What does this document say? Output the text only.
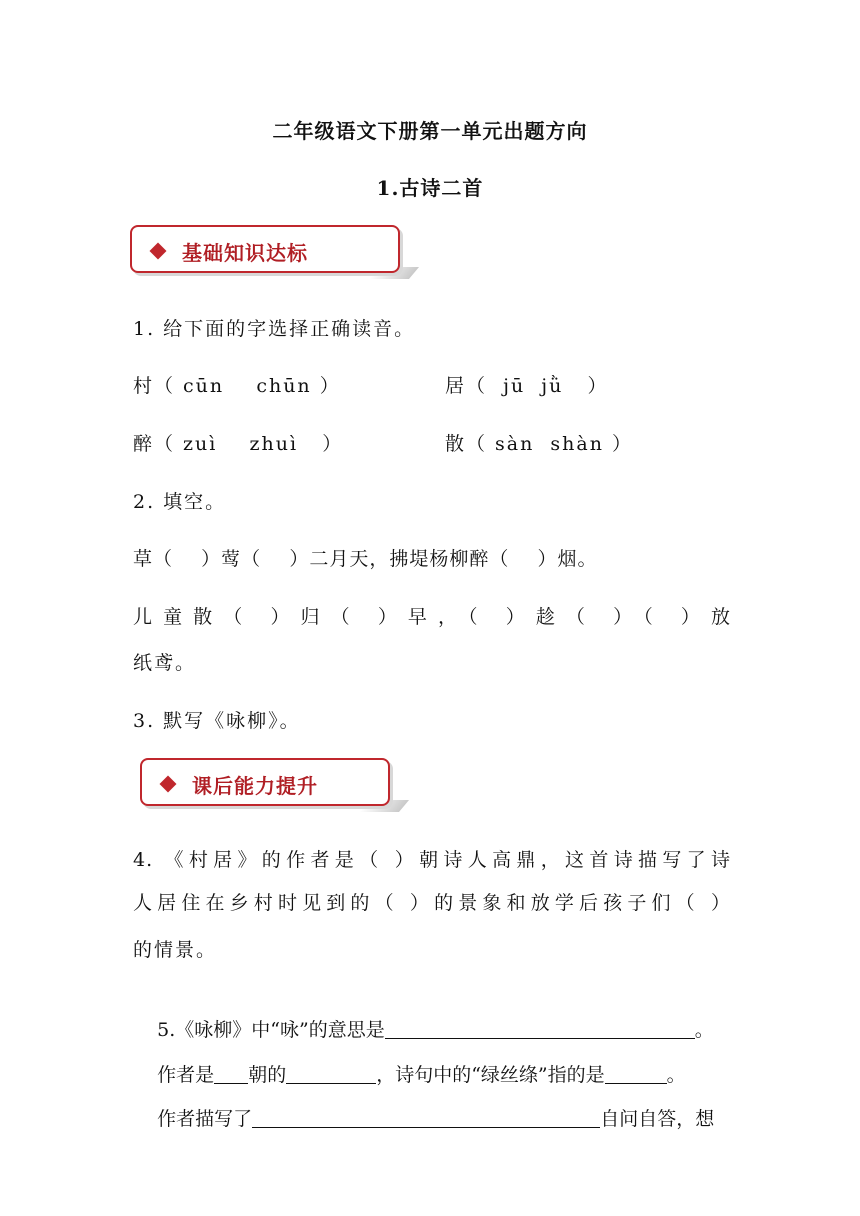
二年级语文下册第一单元出题方向
1.古诗二首
基础知识达标
1. 给下面的字选择正确读音。
村（ cūn    chūn ）	居（  jū  jǜ   ）
醉（ zuì    zhuì   ）	散（ sàn  shàn ）
2. 填空。
草（    ）莺（    ）二月天，拂堤杨柳醉（    ）烟。
儿童散（ ）归（ ）早，（ ）趁（ ）（ ）放
纸鸢。
3. 默写《咏柳》。
课后能力提升
4. 《村居》的作者是（ ）朝诗人高鼎，这首诗描写了诗
人居住在乡村时见到的（ ）的景象和放学后孩子们（ ）
的情景。

5.《咏柳》中“咏”的意思是	。

作者是 朝的	，诗句中的“绿丝绦”指的是	。

作者描写了	自问自答，想
